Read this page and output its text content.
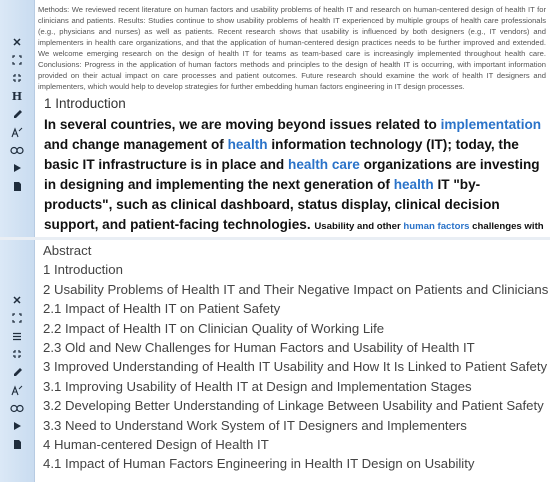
H

Methods: We reviewed recent literature on human factors and usability problems of health IT and research on human-centered design of health IT for clinicians and patients. Results: Studies continue to show usability problems of health IT experienced by multiple groups of health care professionals (e.g., physicians and nurses) as well as patients. Recent research shows that usability is influenced by both designers (e.g., IT vendors) and implementers in health care organizations, and that the application of human-centered design practices needs to be further improved and extended. We welcome emerging research on the design of health IT for teams as team-based care is increasingly implemented throughout health care. Conclusions: Progress in the application of human factors methods and principles to the design of health IT is occurring, with important information provided on their actual impact on care processes and patient outcomes. Future research should examine the work of health IT designers and implementers, which would help to develop strategies for further embedding human factors engineering in IT design processes.

1 Introduction

In several countries, we are moving beyond issues related to implementation and change management of health information technology (IT); today, the basic IT infrastructure is in place and health care organizations are investing in designing and implementing the next generation of health IT "by-products", such as clinical dashboard, status display, clinical decision support, and patient-facing technologies. Usability and other human factors challenges with

Abstract
1 Introduction
2 Usability Problems of Health IT and Their Negative Impact on Patients and Clinicians
2.1 Impact of Health IT on Patient Safety
2.2 Impact of Health IT on Clinician Quality of Working Life
2.3 Old and New Challenges for Human Factors and Usability of Health IT
3 Improved Understanding of Health IT Usability and How It Is Linked to Patient Safety
3.1 Improving Usability of Health IT at Design and Implementation Stages
3.2 Developing Better Understanding of Linkage Between Usability and Patient Safety
3.3 Need to Understand Work System of IT Designers and Implementers
4 Human-centered Design of Health IT
4.1 Impact of Human Factors Engineering in Health IT Design on Usability
